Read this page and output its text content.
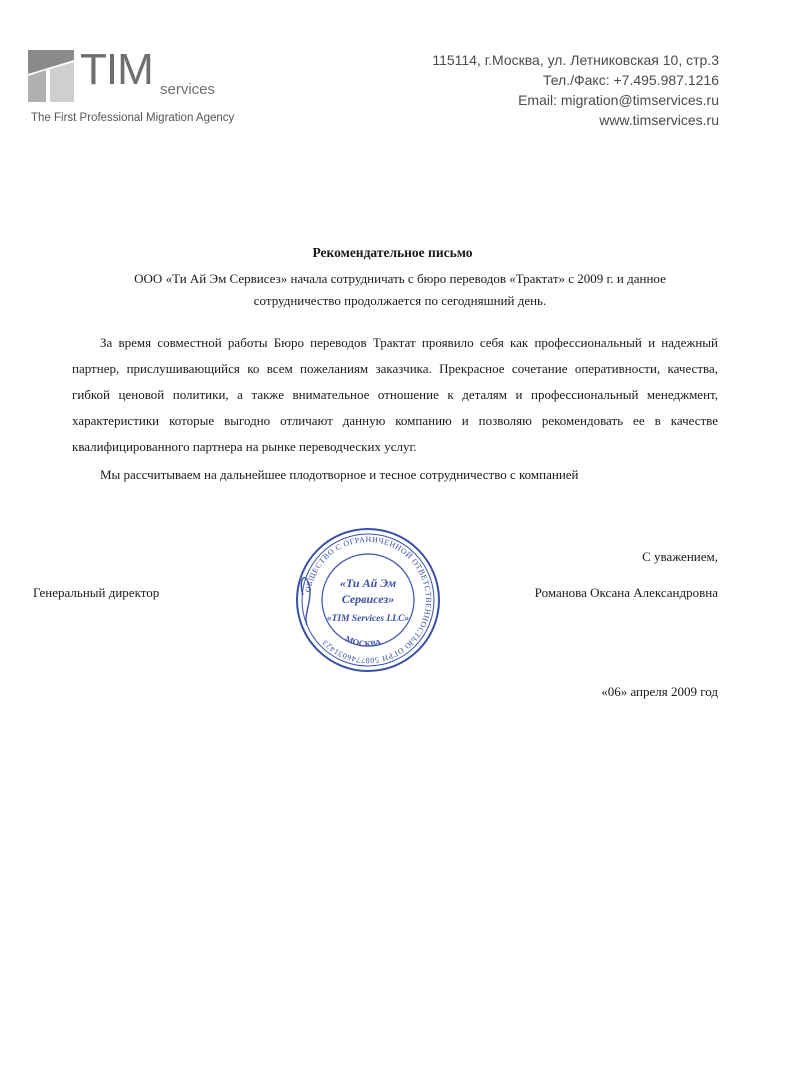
TIM services
The First Professional Migration Agency
115114, г.Москва, ул. Летниковская 10, стр.3
Тел./Факс: +7.495.987.1216
Email: migration@timservices.ru
www.timservices.ru
Рекомендательное письмо
ООО «Ти Ай Эм Сервисез» начала сотрудничать с бюро переводов «Трактат» с 2009 г. и данное сотрудничество продолжается по сегодняшний день.
За время совместной работы Бюро переводов Трактат проявило себя как профессиональный и надежный партнер, прислушивающийся ко всем пожеланиям заказчика. Прекрасное сочетание оперативности, качества, гибкой ценовой политики, а также внимательное отношение к деталям и профессиональный менеджмент, характеристики которые выгодно отличают данную компанию и позволяю рекомендовать ее в качестве квалифицированного партнера на рынке переводческих услуг.
Мы рассчитываем на дальнейшее плодотворное и тесное сотрудничество с компанией
С уважением,
Генеральный директор	Романова Оксана Александровна
«06» апреля 2009 год
ОБЩЕСТВО С ОГРАНИЧЕННОЙ ОТВЕТСТВЕННОСТЬЮ ОГРН 5087746031423	МОСКВА
«Ти Ай Эм
Сервисез»
«TIM Services LLC»
